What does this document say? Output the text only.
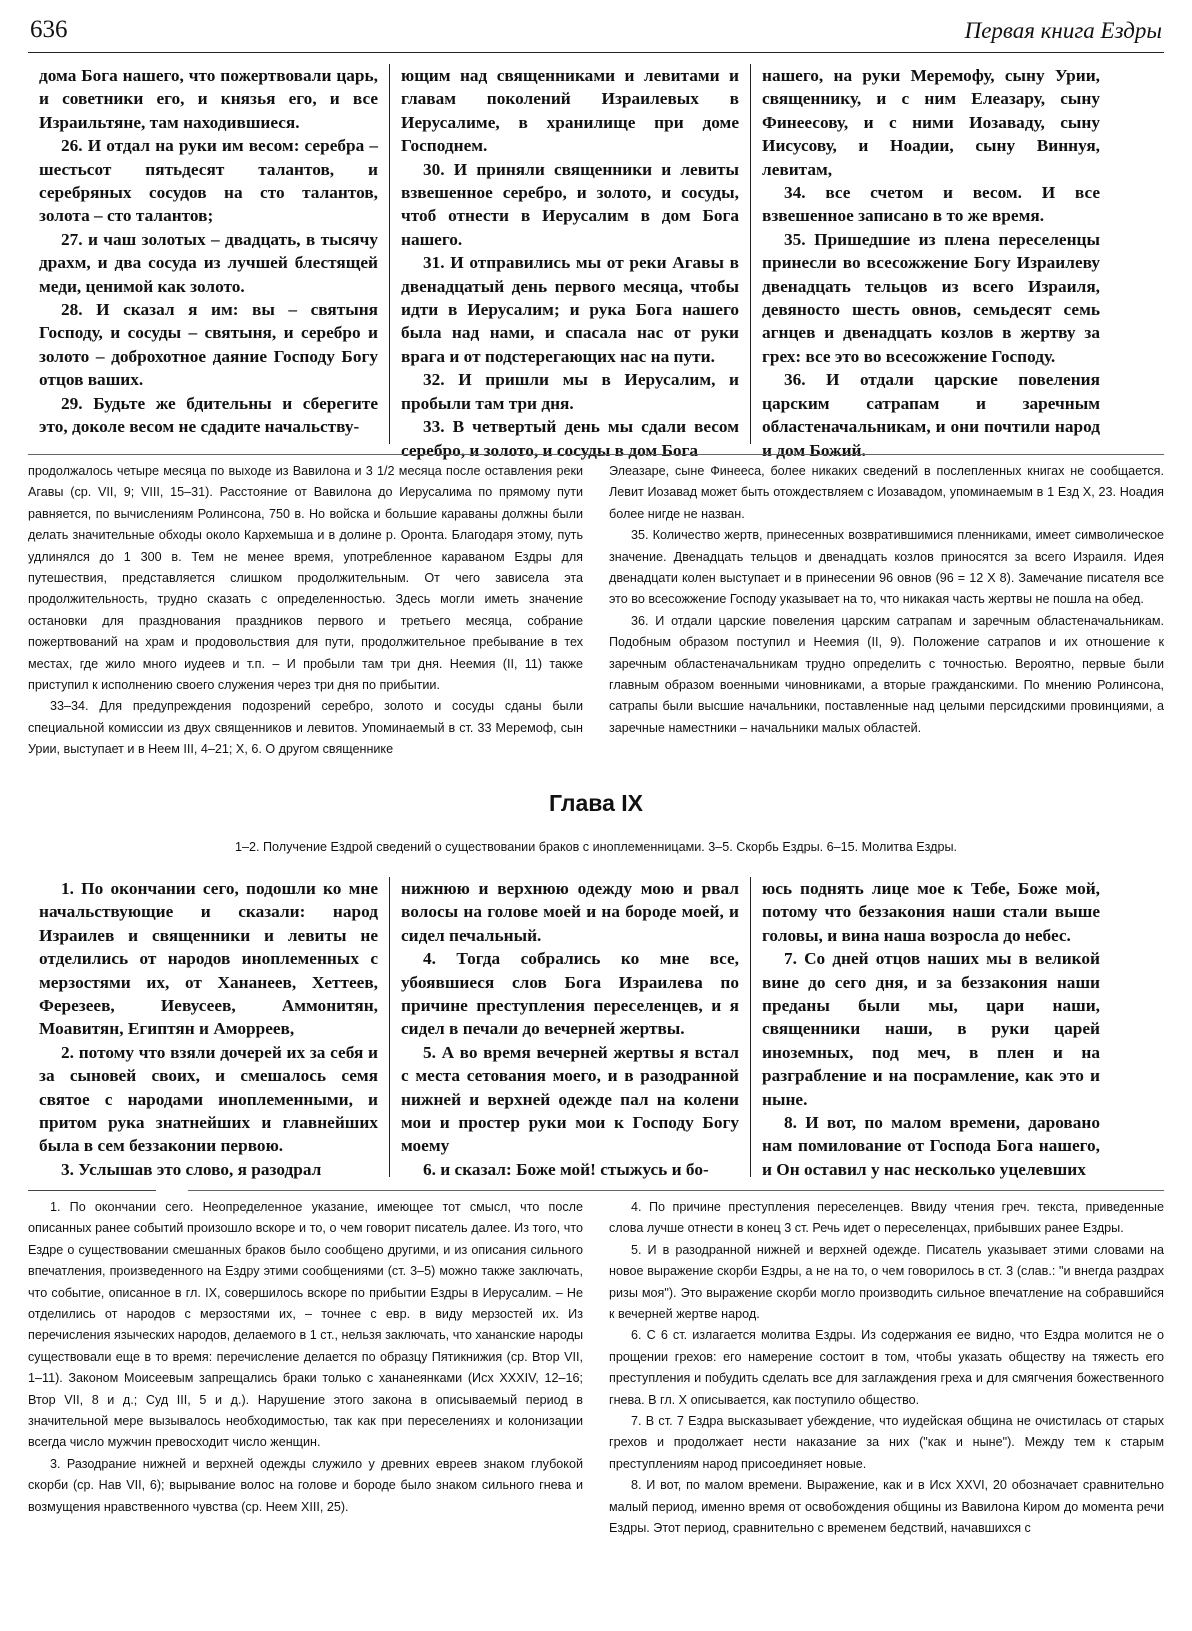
636	Первая книга Ездры

дома Бога нашего, что пожертвовали царь, и советники его, и князья его, и все Израильтяне, там находившиеся.

26. И отдал на руки им весом: серебра – шестьсот пятьдесят талантов, и серебряных сосудов на сто талантов, золота – сто талантов;

27. и чаш золотых – двадцать, в тысячу драхм, и два сосуда из лучшей блестящей меди, ценимой как золото.

28. И сказал я им: вы – святыня Господу, и сосуды – святыня, и серебро и золото – доброхотное даяние Господу Богу отцов ваших.

29. Будьте же бдительны и сберегите это, доколе весом не сдадите начальству-

ющим над священниками и левитами и главам поколений Израилевых в Иерусалиме, в хранилище при доме Господнем.

30. И приняли священники и левиты взвешенное серебро, и золото, и сосуды, чтоб отнести в Иерусалим в дом Бога нашего.

31. И отправились мы от реки Агавы в двенадцатый день первого месяца, чтобы идти в Иерусалим; и рука Бога нашего была над нами, и спасала нас от руки врага и от подстерегающих нас на пути.

32. И пришли мы в Иерусалим, и пробыли там три дня.

33. В четвертый день мы сдали весом серебро, и золото, и сосуды в дом Бога

нашего, на руки Меремофу, сыну Урии, священнику, и с ним Елеазару, сыну Финеесову, и с ними Иозаваду, сыну Иисусову, и Ноадии, сыну Виннуя, левитам,

34. все счетом и весом. И все взвешенное записано в то же время.

35. Пришедшие из плена переселенцы принесли во всесожжение Богу Израилеву двенадцать тельцов из всего Израиля, девяносто шесть овнов, семьдесят семь агнцев и двенадцать козлов в жертву за грех: все это во всесожжение Господу.

36. И отдали царские повеления царским сатрапам и заречным областеначальникам, и они почтили народ и дом Божий.

продолжалось четыре месяца по выходе из Вавилона и 3 1/2 месяца после оставления реки Агавы (ср. VII, 9; VIII, 15–31). Расстояние от Вавилона до Иерусалима по прямому пути равняется, по вычислениям Ролинсона, 750 в. Но войска и большие караваны должны были делать значительные обходы около Кархемыша и в долине р. Оронта. Благодаря этому, путь удлинялся до 1 300 в. Тем не менее время, употребленное караваном Ездры для путешествия, представляется слишком продолжительным. От чего зависела эта продолжительность, трудно сказать с определенностью. Здесь могли иметь значение остановки для празднования праздников первого и третьего месяца, собрание пожертвований на храм и продовольствия для пути, продолжительное пребывание в тех местах, где жило много иудеев и т.п. – И пробыли там три дня. Неемия (II, 11) также приступил к исполнению своего служения через три дня по прибытии.

33–34. Для предупреждения подозрений серебро, золото и сосуды сданы были специальной комиссии из двух священников и левитов. Упоминаемый в ст. 33 Меремоф, сын Урии, выступает и в Неем III, 4–21; X, 6. О другом священнике

Элеазаре, сыне Финееса, более никаких сведений в послепленных книгах не сообщается. Левит Иозавад может быть отождествляем с Иозавадом, упоминаемым в 1 Езд X, 23. Ноадия более нигде не назван.

35. Количество жертв, принесенных возвратившимися пленниками, имеет символическое значение. Двенадцать тельцов и двенадцать козлов приносятся за всего Израиля. Идея двенадцати колен выступает и в принесении 96 овнов (96 = 12 X 8). Замечание писателя все это во всесожжение Господу указывает на то, что никакая часть жертвы не пошла на обед.

36. И отдали царские повеления царским сатрапам и заречным областеначальникам. Подобным образом поступил и Неемия (II, 9). Положение сатрапов и их отношение к заречным областеначальникам трудно определить с точностью. Вероятно, первые были главным образом военными чиновниками, а вторые гражданскими. По мнению Ролинсона, сатрапы были высшие начальники, поставленные над целыми персидскими провинциями, а заречные наместники – начальники малых областей.

Глава IX
1–2. Получение Ездрой сведений о существовании браков с иноплеменницами. 3–5. Скорбь Ездры. 6–15. Молитва Ездры.

1. По окончании сего, подошли ко мне начальствующие и сказали: народ Израилев и священники и левиты не отделились от народов иноплеменных с мерзостями их, от Хананеев, Хеттеев, Ферезеев, Иевусеев, Аммонитян, Моавитян, Египтян и Аморреев,

2. потому что взяли дочерей их за себя и за сыновей своих, и смешалось семя святое с народами иноплеменными, и притом рука знатнейших и главнейших была в сем беззаконии первою.

3. Услышав это слово, я разодрал

нижнюю и верхнюю одежду мою и рвал волосы на голове моей и на бороде моей, и сидел печальный.

4. Тогда собрались ко мне все, убоявшиеся слов Бога Израилева по причине преступления переселенцев, и я сидел в печали до вечерней жертвы.

5. А во время вечерней жертвы я встал с места сетования моего, и в разодранной нижней и верхней одежде пал на колени мои и простер руки мои к Господу Богу моему

6. и сказал: Боже мой! стыжусь и бо-

юсь поднять лице мое к Тебе, Боже мой, потому что беззакония наши стали выше головы, и вина наша возросла до небес.

7. Со дней отцов наших мы в великой вине до сего дня, и за беззакония наши преданы были мы, цари наши, священники наши, в руки царей иноземных, под меч, в плен и на разграбление и на посрамление, как это и ныне.

8. И вот, по малом времени, даровано нам помилование от Господа Бога нашего, и Он оставил у нас несколько уцелевших

1. По окончании сего. Неопределенное указание, имеющее тот смысл, что после описанных ранее событий произошло вскоре и то, о чем говорит писатель далее. Из того, что Ездре о существовании смешанных браков было сообщено другими, и из описания сильного впечатления, произведенного на Ездру этими сообщениями (ст. 3–5) можно также заключать, что событие, описанное в гл. IX, совершилось вскоре по прибытии Ездры в Иерусалим. – Не отделились от народов с мерзостями их, – точнее с евр. в виду мерзостей их. Из перечисления языческих народов, делаемого в 1 ст., нельзя заключать, что хананские народы существовали еще в то время: перечисление делается по образцу Пятикнижия (ср. Втор VII, 1–11). Законом Моисеевым запрещались браки только с хананеянками (Исх XXXIV, 12–16; Втор VII, 8 и д.; Суд III, 5 и д.). Нарушение этого закона в описываемый период в значительной мере вызывалось необходимостью, так как при переселениях и колонизации всегда число мужчин превосходит число женщин.

3. Разодрание нижней и верхней одежды служило у древних евреев знаком глубокой скорби (ср. Нав VII, 6); вырывание волос на голове и бороде было знаком сильного гнева и возмущения нравственного чувства (ср. Неем XIII, 25).

4. По причине преступления переселенцев. Ввиду чтения греч. текста, приведенные слова лучше отнести в конец 3 ст. Речь идет о переселенцах, прибывших ранее Ездры.

5. И в разодранной нижней и верхней одежде. Писатель указывает этими словами на новое выражение скорби Ездры, а не на то, о чем говорилось в ст. 3 (слав.: "и внегда раздрах ризы моя"). Это выражение скорби могло производить сильное впечатление на собравшийся к вечерней жертве народ.

6. С 6 ст. излагается молитва Ездры. Из содержания ее видно, что Ездра молится не о прощении грехов: его намерение состоит в том, чтобы указать обществу на тяжесть его преступления и побудить сделать все для заглаждения греха и для смягчения божественного гнева. В гл. X описывается, как поступило общество.

7. В ст. 7 Ездра высказывает убеждение, что иудейская община не очистилась от старых грехов и продолжает нести наказание за них ("как и ныне"). Между тем к старым преступлениям народ присоединяет новые.

8. И вот, по малом времени. Выражение, как и в Исх XXVI, 20 обозначает сравнительно малый период, именно время от освобождения общины из Вавилона Киром до момента речи Ездры. Этот период, сравнительно с временем бедствий, начавшихся с
